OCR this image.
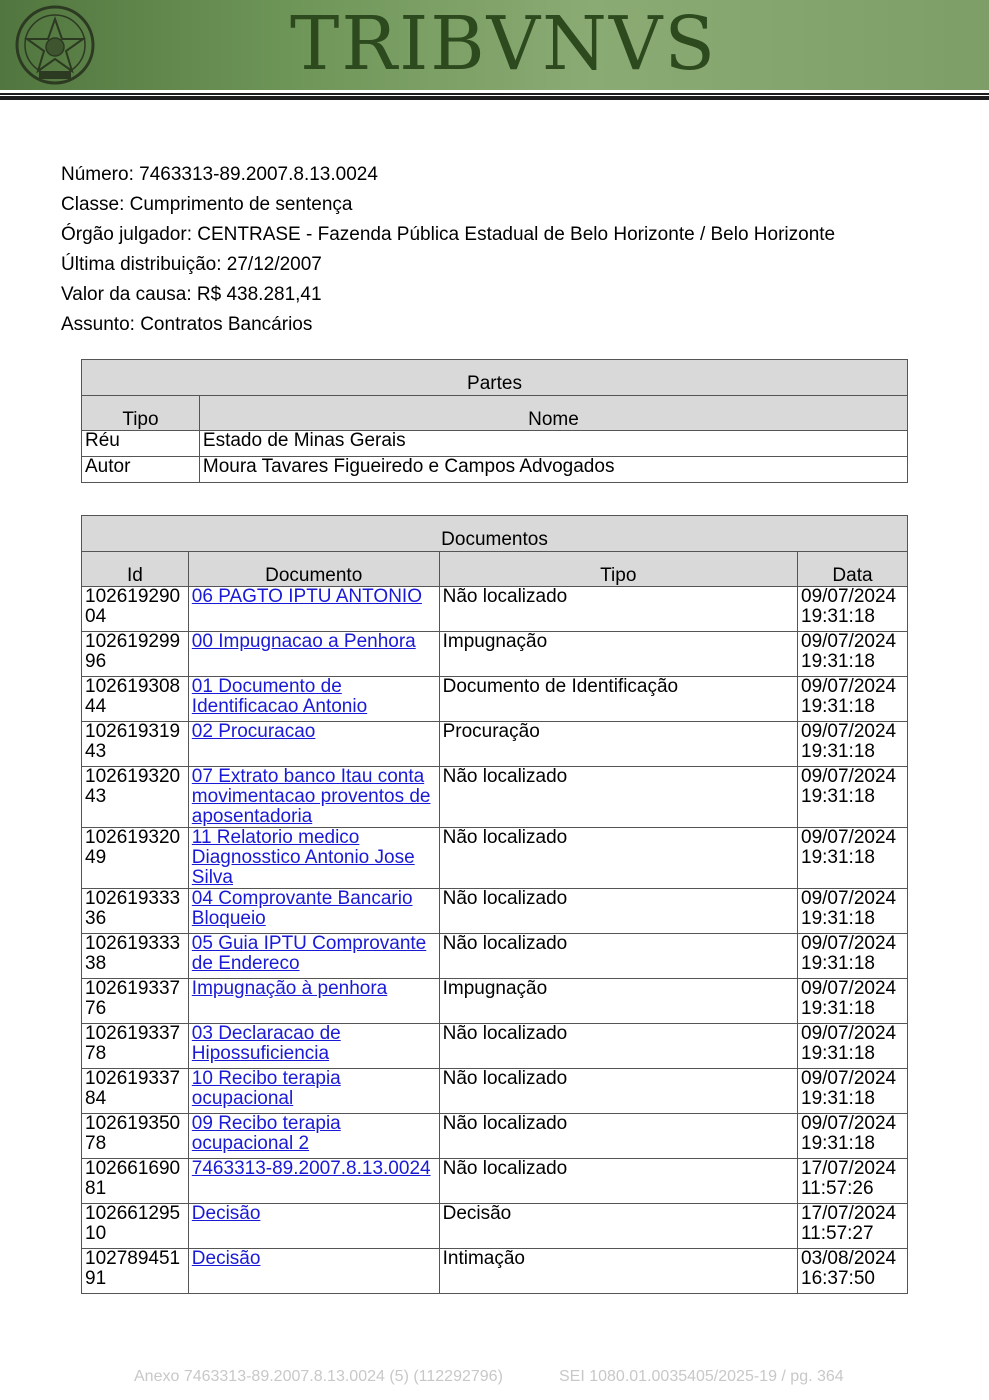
TRIBVNVS
Número: 7463313-89.2007.8.13.0024
Classe: Cumprimento de sentença
Órgão julgador: CENTRASE - Fazenda Pública Estadual de Belo Horizonte / Belo Horizonte
Última distribuição: 27/12/2007
Valor da causa: R$ 438.281,41
Assunto: Contratos Bancários
Partes	
Tipo	Nome
Réu	Estado de Minas Gerais
Autor	Moura Tavares Figueiredo e Campos Advogados
Documentos			
Id	Documento	Tipo	Data
10261929004	06 PAGTO IPTU ANTONIO	Não localizado	09/07/2024 19:31:18
10261929996	00 Impugnacao a Penhora	Impugnação	09/07/2024 19:31:18
10261930844	01 Documento de Identificacao Antonio	Documento de Identificação	09/07/2024 19:31:18
10261931943	02 Procuracao	Procuração	09/07/2024 19:31:18
10261932043	07 Extrato banco Itau conta movimentacao proventos de aposentadoria	Não localizado	09/07/2024 19:31:18
10261932049	11 Relatorio medico Diagnosstico Antonio Jose Silva	Não localizado	09/07/2024 19:31:18
10261933336	04 Comprovante Bancario Bloqueio	Não localizado	09/07/2024 19:31:18
10261933338	05 Guia IPTU Comprovante de Endereco	Não localizado	09/07/2024 19:31:18
10261933776	Impugnação à penhora	Impugnação	09/07/2024 19:31:18
10261933778	03 Declaracao de Hipossuficiencia	Não localizado	09/07/2024 19:31:18
10261933784	10 Recibo terapia ocupacional	Não localizado	09/07/2024 19:31:18
10261935078	09 Recibo terapia ocupacional 2	Não localizado	09/07/2024 19:31:18
10266169081	7463313-89.2007.8.13.0024	Não localizado	17/07/2024 11:57:26
10266129510	Decisão	Decisão	17/07/2024 11:57:27
10278945191	Decisão	Intimação	03/08/2024 16:37:50
Anexo 7463313-89.2007.8.13.0024 (5) (112292796)	SEI 1080.01.0035405/2025-19 / pg. 364
